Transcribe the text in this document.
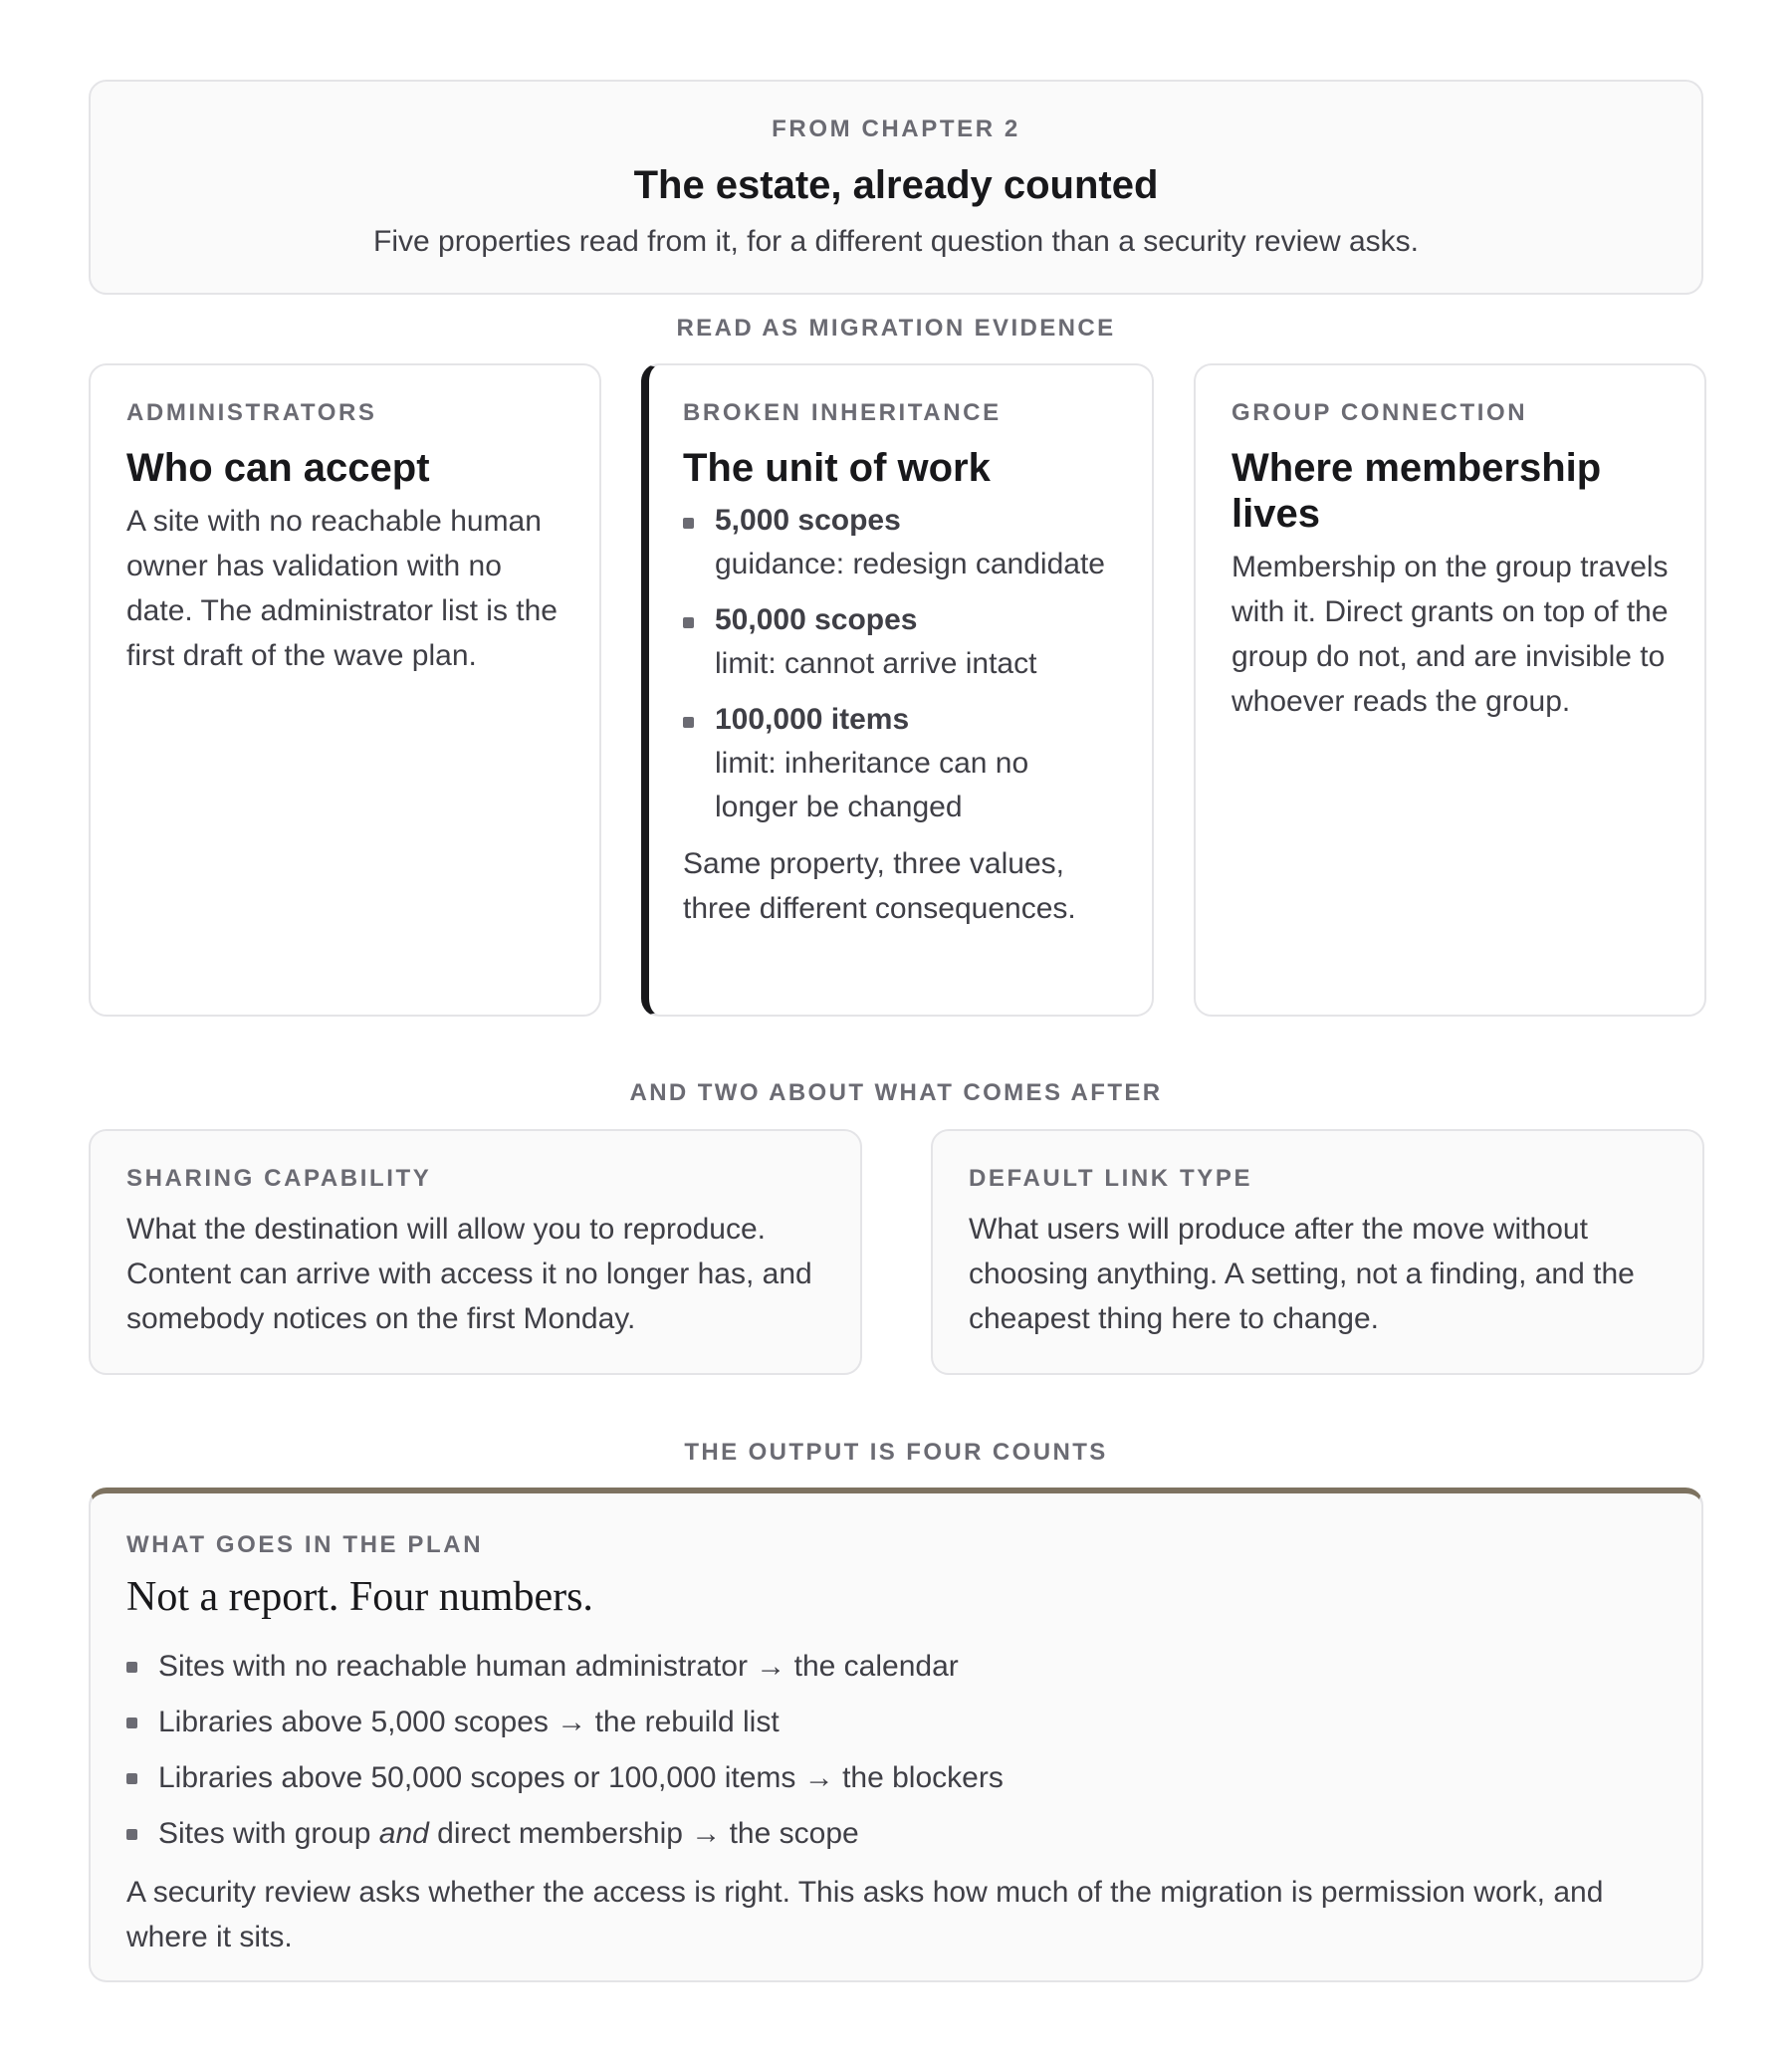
FROM CHAPTER 2
The estate, already counted
Five properties read from it, for a different question than a security review asks.
READ AS MIGRATION EVIDENCE
ADMINISTRATORS
Who can accept
A site with no reachable human owner has validation with no date. The administrator list is the first draft of the wave plan.
BROKEN INHERITANCE
The unit of work
5,000 scopes
guidance: redesign candidate
50,000 scopes
limit: cannot arrive intact
100,000 items
limit: inheritance can no longer be changed
Same property, three values, three different consequences.
GROUP CONNECTION
Where membership lives
Membership on the group travels with it. Direct grants on top of the group do not, and are invisible to whoever reads the group.
AND TWO ABOUT WHAT COMES AFTER
SHARING CAPABILITY
What the destination will allow you to reproduce. Content can arrive with access it no longer has, and somebody notices on the first Monday.
DEFAULT LINK TYPE
What users will produce after the move without choosing anything. A setting, not a finding, and the cheapest thing here to change.
THE OUTPUT IS FOUR COUNTS
WHAT GOES IN THE PLAN
Not a report. Four numbers.
Sites with no reachable human administrator → the calendar
Libraries above 5,000 scopes → the rebuild list
Libraries above 50,000 scopes or 100,000 items → the blockers
Sites with group and direct membership → the scope
A security review asks whether the access is right. This asks how much of the migration is permission work, and where it sits.
